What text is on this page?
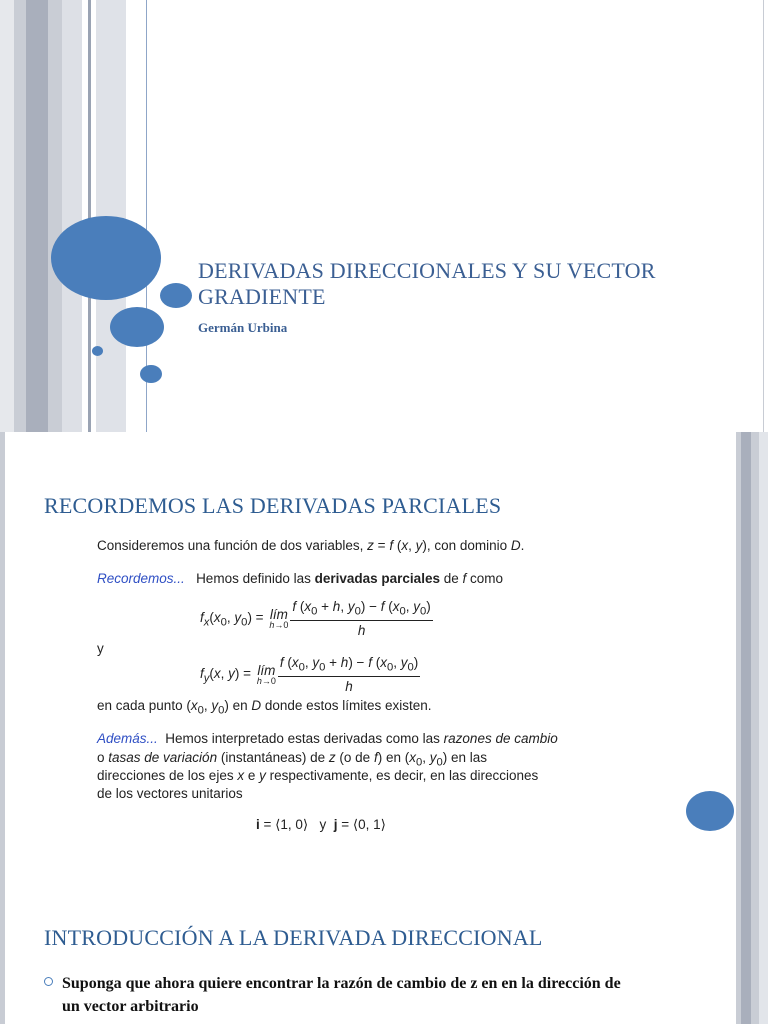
DERIVADAS DIRECCIONALES Y SU VECTOR GRADIENTE
Germán Urbina
RECORDEMOS LAS DERIVADAS PARCIALES
Consideremos una función de dos variables, z = f (x, y), con dominio D.
Recordemos... Hemos definido las derivadas parciales de f como
$f_x(x_0$, $y_0$) = lím
$h\to 0 \frac{f (x_0 + h, y_0) - f (x_0, y_0)}{h}$
y
$f_y(x$, y) = lím
$h\to 0 \frac{f (x_0, y_0 + h) - f (x_0, y_0)}{h}$
en cada punto ($x_0$, $y_0$) en D donde estos límites existen.
Además...  Hemos interpretado estas derivadas como las razones de cambio
o tasas de variación (instantáneas) de z (o de f) en ($x_0$, $y_0$) en las
direcciones de los ejes x e y respectivamente, es decir, en las direcciones
de los vectores unitarios
i = ⟨1, 0⟩   y  j = ⟨0, 1⟩
INTRODUCCIÓN A LA DERIVADA DIRECCIONAL
Suponga que ahora quiere encontrar la razón de cambio de z en en la dirección de un vector arbitrario
